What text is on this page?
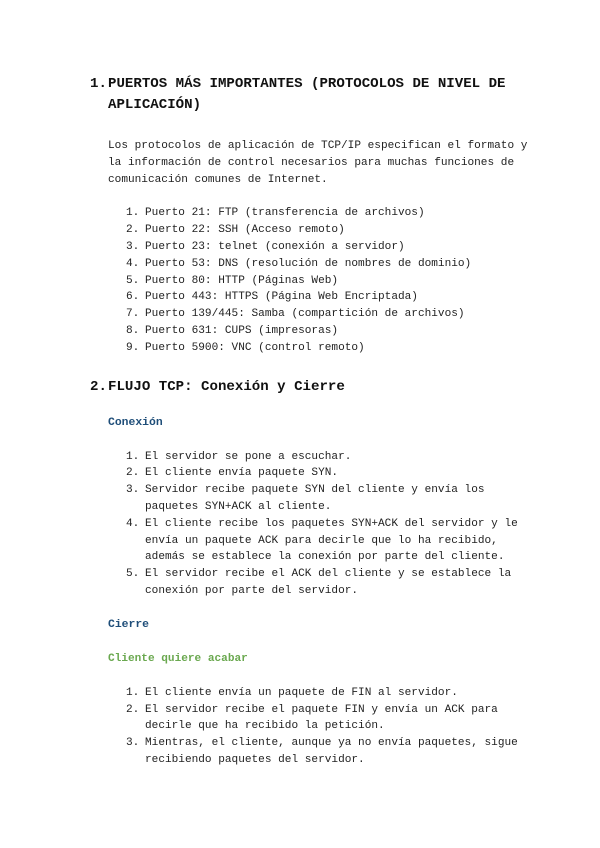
1. PUERTOS MÁS IMPORTANTES (PROTOCOLOS DE NIVEL DE APLICACIÓN)
Los protocolos de aplicación de TCP/IP especifican el formato y la información de control necesarios para muchas funciones de comunicación comunes de Internet.
1. Puerto 21: FTP (transferencia de archivos)
2. Puerto 22: SSH (Acceso remoto)
3. Puerto 23: telnet (conexión a servidor)
4. Puerto 53: DNS (resolución de nombres de dominio)
5. Puerto 80: HTTP (Páginas Web)
6. Puerto 443: HTTPS (Página Web Encriptada)
7. Puerto 139/445: Samba (compartición de archivos)
8. Puerto 631: CUPS (impresoras)
9. Puerto 5900: VNC (control remoto)
2. FLUJO TCP: Conexión y Cierre
Conexión
1. El servidor se pone a escuchar.
2. El cliente envía paquete SYN.
3. Servidor recibe paquete SYN del cliente y envía los paquetes SYN+ACK al cliente.
4. El cliente recibe los paquetes SYN+ACK del servidor y le envía un paquete ACK para decirle que lo ha recibido, además se establece la conexión por parte del cliente.
5. El servidor recibe el ACK del cliente y se establece la conexión por parte del servidor.
Cierre
Cliente quiere acabar
1. El cliente envía un paquete de FIN al servidor.
2. El servidor recibe el paquete FIN y envía un ACK para decirle que ha recibido la petición.
3. Mientras, el cliente, aunque ya no envía paquetes, sigue recibiendo paquetes del servidor.
